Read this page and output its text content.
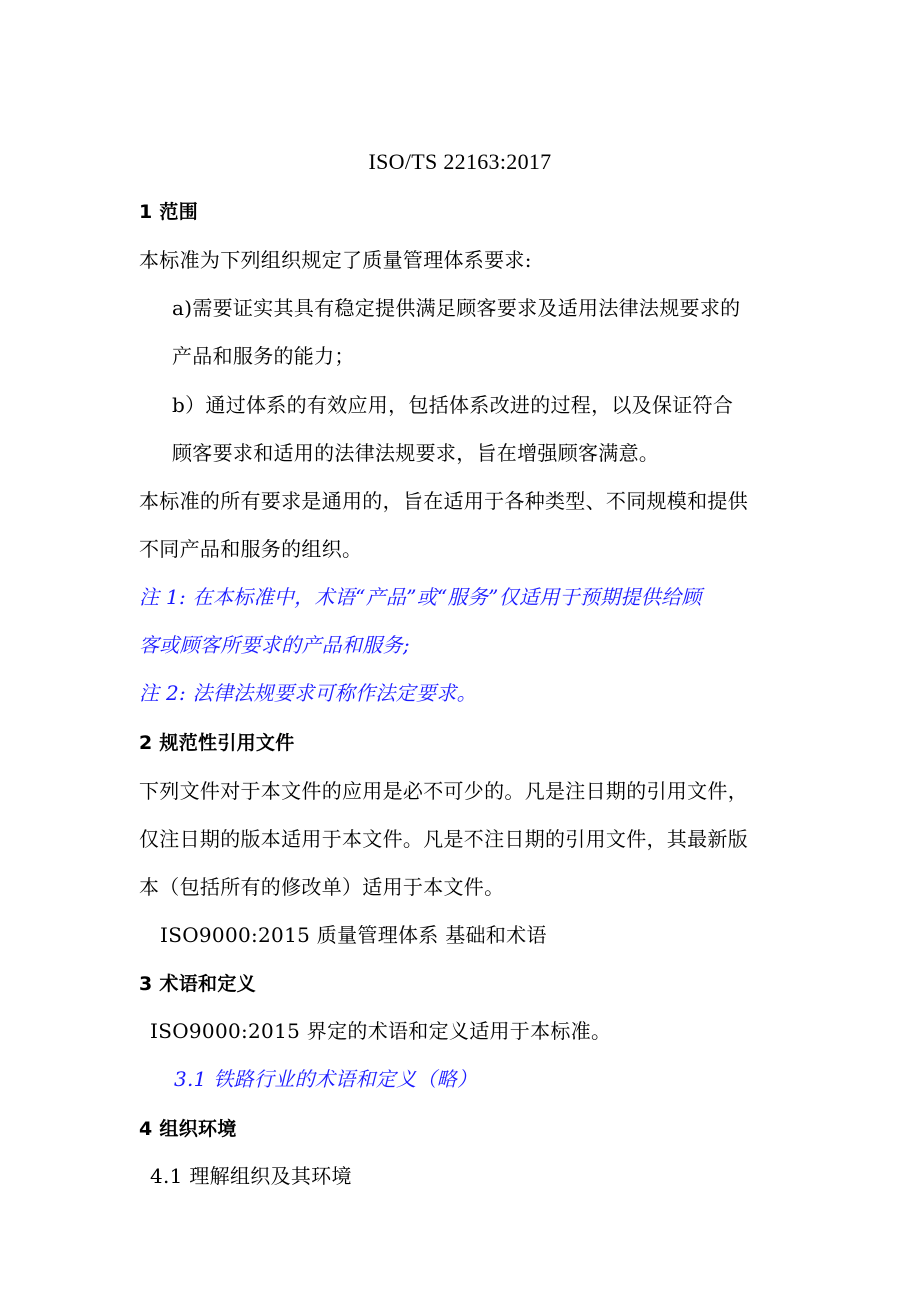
ISO/TS 22163:2017
1 范围
本标准为下列组织规定了质量管理体系要求:
a)需要证实其具有稳定提供满足顾客要求及适用法律法规要求的
产品和服务的能力；
b）通过体系的有效应用，包括体系改进的过程，以及保证符合
顾客要求和适用的法律法规要求，旨在增强顾客满意。
本标准的所有要求是通用的，旨在适用于各种类型、不同规模和提供
不同产品和服务的组织。
注 1: 在本标准中，术语“产品”或“服务”仅适用于预期提供给顾
客或顾客所要求的产品和服务;
注 2: 法律法规要求可称作法定要求。
2 规范性引用文件
下列文件对于本文件的应用是必不可少的。凡是注日期的引用文件，
仅注日期的版本适用于本文件。凡是不注日期的引用文件，其最新版
本（包括所有的修改单）适用于本文件。
ISO9000:2015 质量管理体系 基础和术语
3 术语和定义
ISO9000:2015 界定的术语和定义适用于本标准。
3.1 铁路行业的术语和定义（略）
4 组织环境
4.1 理解组织及其环境
